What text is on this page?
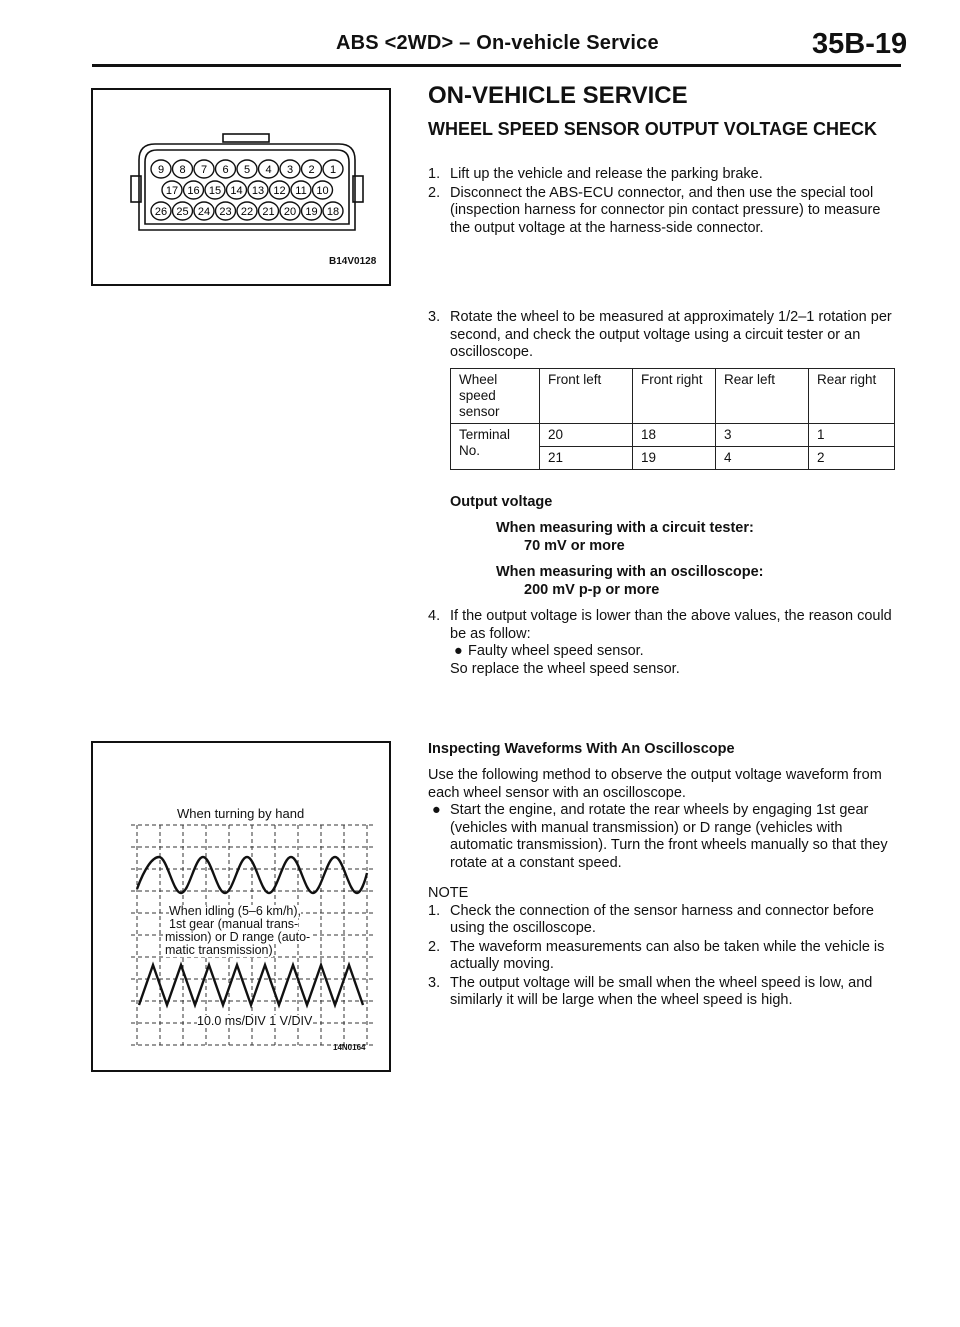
ABS <2WD> – On-vehicle Service	35B-19
9 8 7 6 5 4 3 2 1
17 16 15 14 13 12 11 10
26 25 24 23 22 21 20 19 18
B14V0128
ON-VEHICLE SERVICE
WHEEL SPEED SENSOR OUTPUT VOLTAGE CHECK
1. Lift up the vehicle and release the parking brake.
2. Disconnect the ABS-ECU connector, and then use the special tool (inspection harness for connector pin contact pressure) to measure the output voltage at the harness-side connector.
3. Rotate the wheel to be measured at approximately 1/2–1 rotation per second, and check the output voltage using a circuit tester or an oscilloscope.
Wheel speed sensor	Front left	Front right	Rear left	Rear right
Terminal No.	20	18	3	1
	21	19	4	2
Output voltage
When measuring with a circuit tester:
70 mV or more
When measuring with an oscilloscope:
200 mV p-p or more
4. If the output voltage is lower than the above values, the reason could be as follow:
● Faulty wheel speed sensor.
So replace the wheel speed sensor.
Inspecting Waveforms With An Oscilloscope
Use the following method to observe the output voltage waveform from each wheel sensor with an oscilloscope.
● Start the engine, and rotate the rear wheels by engaging 1st gear (vehicles with manual transmission) or D range (vehicles with automatic transmission). Turn the front wheels manually so that they rotate at a constant speed.
NOTE
1. Check the connection of the sensor harness and connector before using the oscilloscope.
2. The waveform measurements can also be taken while the vehicle is actually moving.
3. The output voltage will be small when the wheel speed is low, and similarly it will be large when the wheel speed is high.
When turning by hand
When idling (5–6 km/h),
1st gear (manual trans-
mission) or D range (auto-
matic transmission)
10.0 ms/DIV 1 V/DIV
14N0164
